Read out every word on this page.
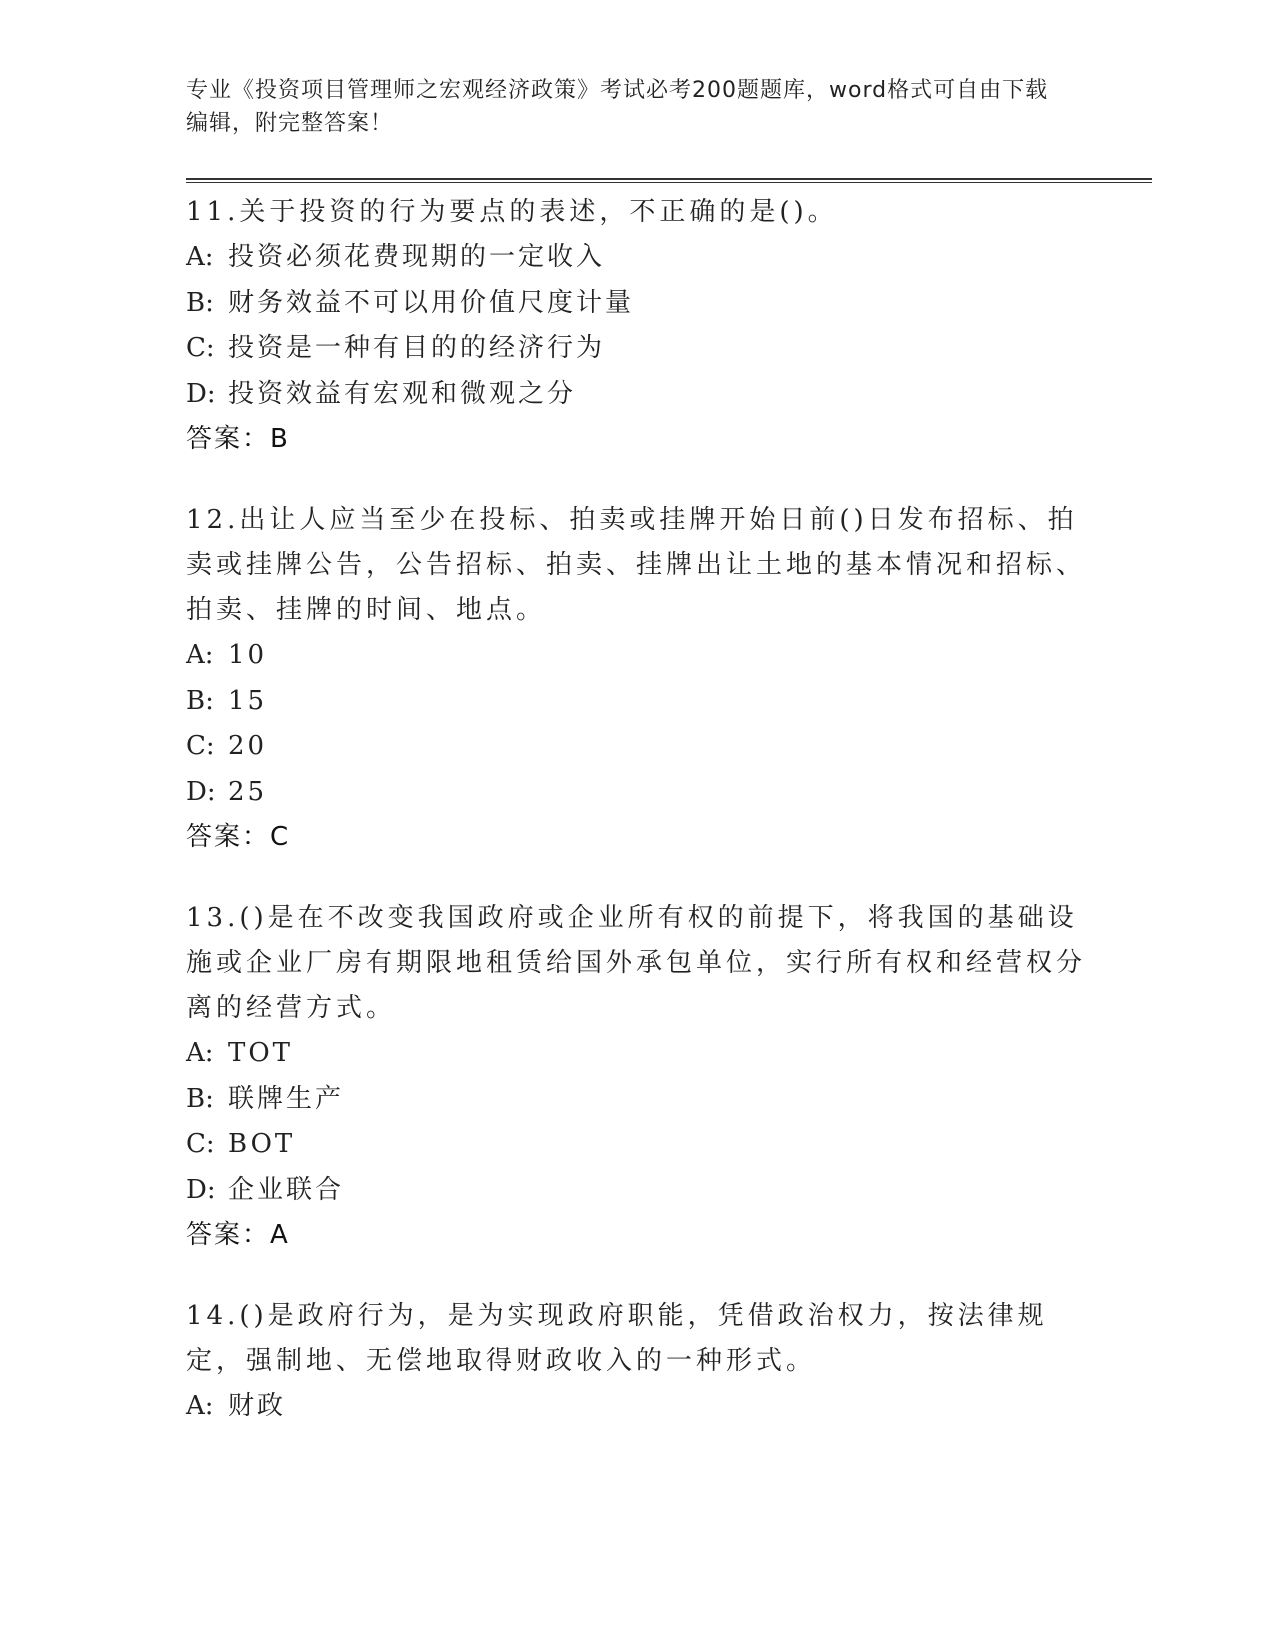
专业《投资项目管理师之宏观经济政策》考试必考200题题库，word格式可自由下载编辑，附完整答案！

11.关于投资的行为要点的表述，不正确的是()。

A: 投资必须花费现期的一定收入

B: 财务效益不可以用价值尺度计量

C: 投资是一种有目的的经济行为

D: 投资效益有宏观和微观之分

答案：B

12.出让人应当至少在投标、拍卖或挂牌开始日前()日发布招标、拍卖或挂牌公告，公告招标、拍卖、挂牌出让土地的基本情况和招标、拍卖、挂牌的时间、地点。

A: 10

B: 15

C: 20

D: 25

答案：C

13.()是在不改变我国政府或企业所有权的前提下，将我国的基础设施或企业厂房有期限地租赁给国外承包单位，实行所有权和经营权分离的经营方式。

A: TOT

B: 联牌生产

C: BOT

D: 企业联合

答案：A

14.()是政府行为，是为实现政府职能，凭借政治权力，按法律规定，强制地、无偿地取得财政收入的一种形式。

A: 财政
